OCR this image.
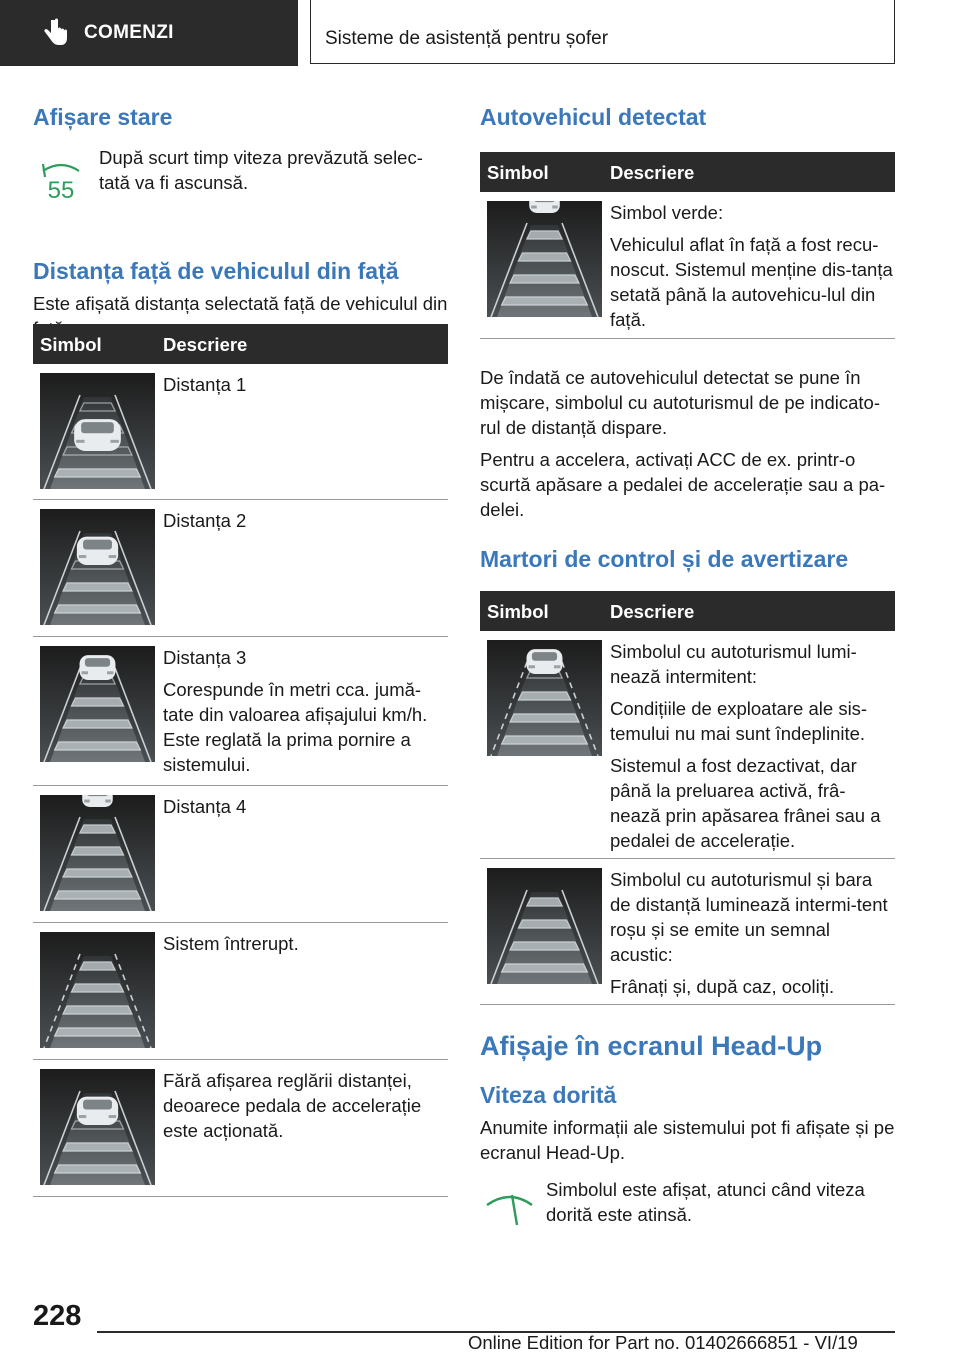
COMENZI	Sisteme de asistență pentru șofer
Afișare stare
55

După scurt timp viteza prevăzută selec-tată va fi ascunsă.

Distanța față de vehiculul din față

Este afișată distanța selectată față de vehiculul din

Simbol	Descriere

Distanța 1

Distanța 2

Distanța 3

Corespunde în metri cca. jumă-tate din valoarea afișajului km/h. Este reglată la prima pornire a sistemului.

Distanța 4

Sistem întrerupt.

Fără afișarea reglării distanței, deoarece pedala de accelerație este acționată.

Autovehicul detectat
Simbol	Descriere

Simbol verde:

Vehiculul aflat în față a fost recu-noscut. Sistemul menține dis-tanța setată până la autovehicu-lul din față.

De îndată ce autovehiculul detectat se pune în mișcare, simbolul cu autoturismul de pe indicato-rul de distanță dispare.

Pentru a accelera, activați ACC de ex. printr-o scurtă apăsare a pedalei de accelerație sau a pa-delei.

Martori de control și de avertizare
Simbol	Descriere

Simbolul cu autoturismul lumi-nează intermitent:

Condițiile de exploatare ale sis-temului nu mai sunt îndeplinite.

Sistemul a fost dezactivat, dar până la preluarea activă, frâ-nează prin apăsarea frânei sau a pedalei de accelerație.

Simbolul cu autoturismul și bara de distanță luminează intermi-tent roșu și se emite un semnal acustic:

Frânați și, după caz, ocoliți.

Afișaje în ecranul Head-Up
Viteza dorită

Anumite informații ale sistemului pot fi afișate și pe ecranul Head-Up.

Simbolul este afișat, atunci când viteza dorită este atinsă.

228
Online Edition for Part no. 01402666851 - VI/19
